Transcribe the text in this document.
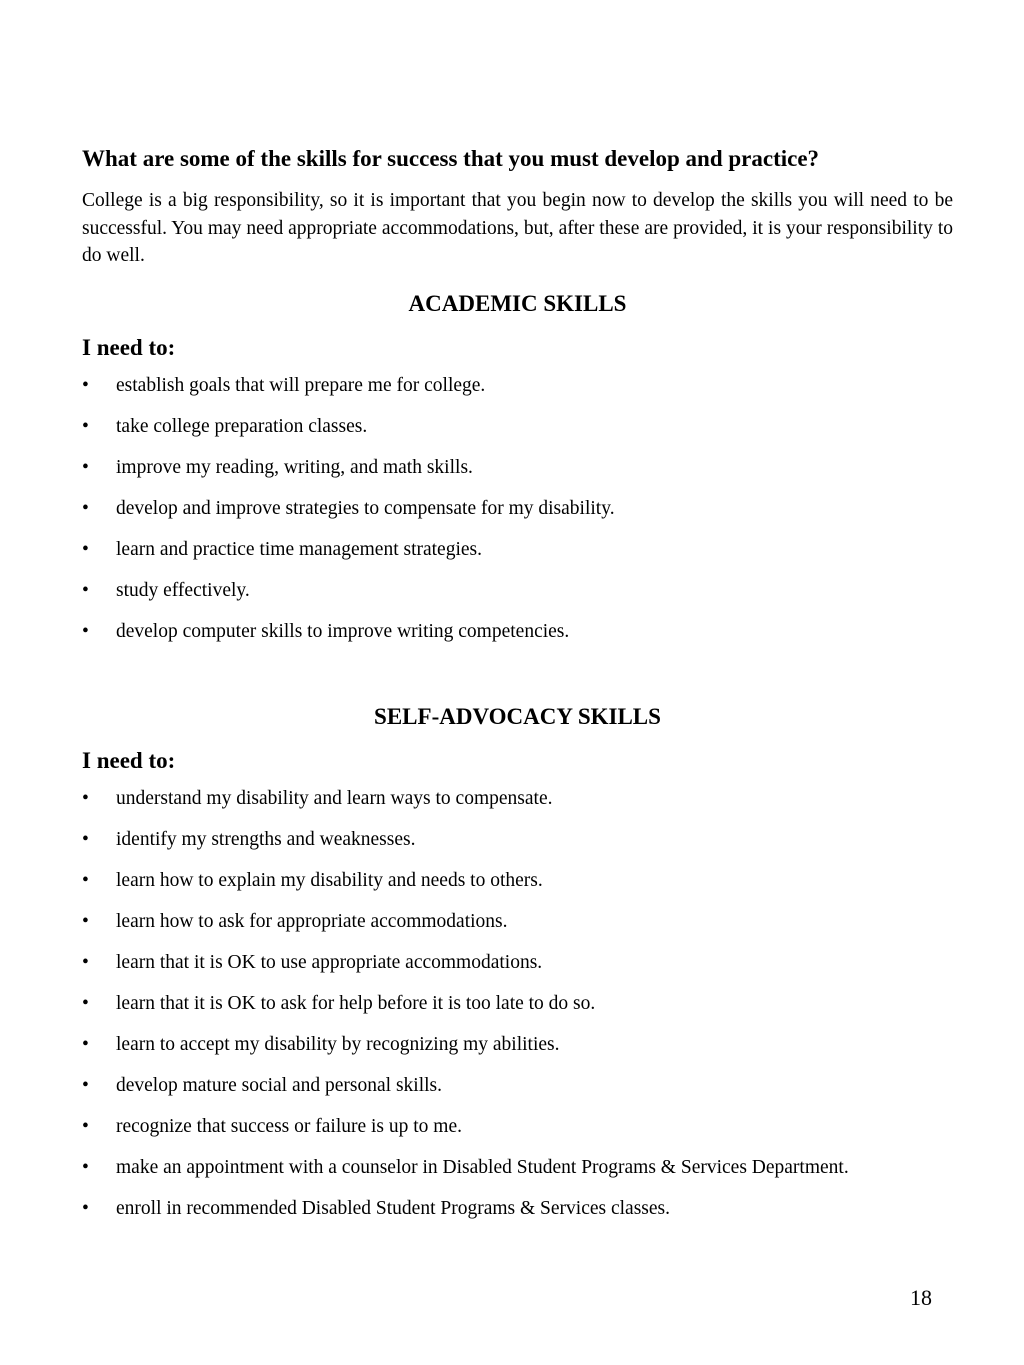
What are some of the skills for success that you must develop and practice?

College is a big responsibility, so it is important that you begin now to develop the skills you will need to be successful. You may need appropriate accommodations, but, after these are provided, it is your responsibility to do well.

ACADEMIC SKILLS
I need to:
•	establish goals that will prepare me for college.
•	take college preparation classes.
•	improve my reading, writing, and math skills.
•	develop and improve strategies to compensate for my disability.
•	learn and practice time management strategies.
•	study effectively.
•	develop computer skills to improve writing competencies.
SELF-ADVOCACY SKILLS
I need to:
•	understand my disability and learn ways to compensate.
•	identify my strengths and weaknesses.
•	learn how to explain my disability and needs to others.
•	learn how to ask for appropriate accommodations.
•	learn that it is OK to use appropriate accommodations.
•	learn that it is OK to ask for help before it is too late to do so.
•	learn to accept my disability by recognizing my abilities.
•	develop mature social and personal skills.
•	recognize that success or failure is up to me.
•	make an appointment with a counselor in Disabled Student Programs & Services Department.
•	enroll in recommended Disabled Student Programs & Services classes.
18
